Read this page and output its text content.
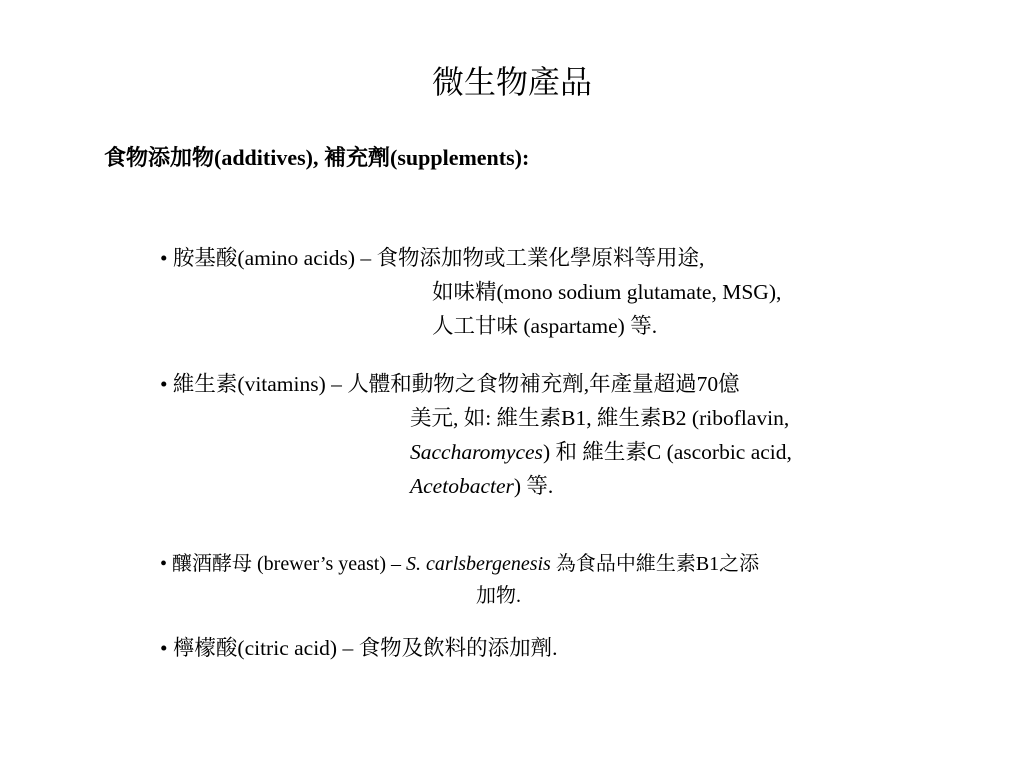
微生物產品
食物添加物(additives), 補充劑(supplements):
• 胺基酸(amino acids) – 食物添加物或工業化學原料等用途,
如味精(mono sodium glutamate, MSG),
人工甘味 (aspartame) 等.
• 維生素(vitamins) – 人體和動物之食物補充劑,年產量超過70億
美元, 如: 維生素B1, 維生素B2 (riboflavin,
Saccharomyces) 和 維生素C (ascorbic acid,
Acetobacter) 等.
• 釀酒酵母 (brewer’s yeast) – S. carlsbergenesis 為食品中維生素B1之添
加物.
• 檸檬酸(citric acid) – 食物及飲料的添加劑.
